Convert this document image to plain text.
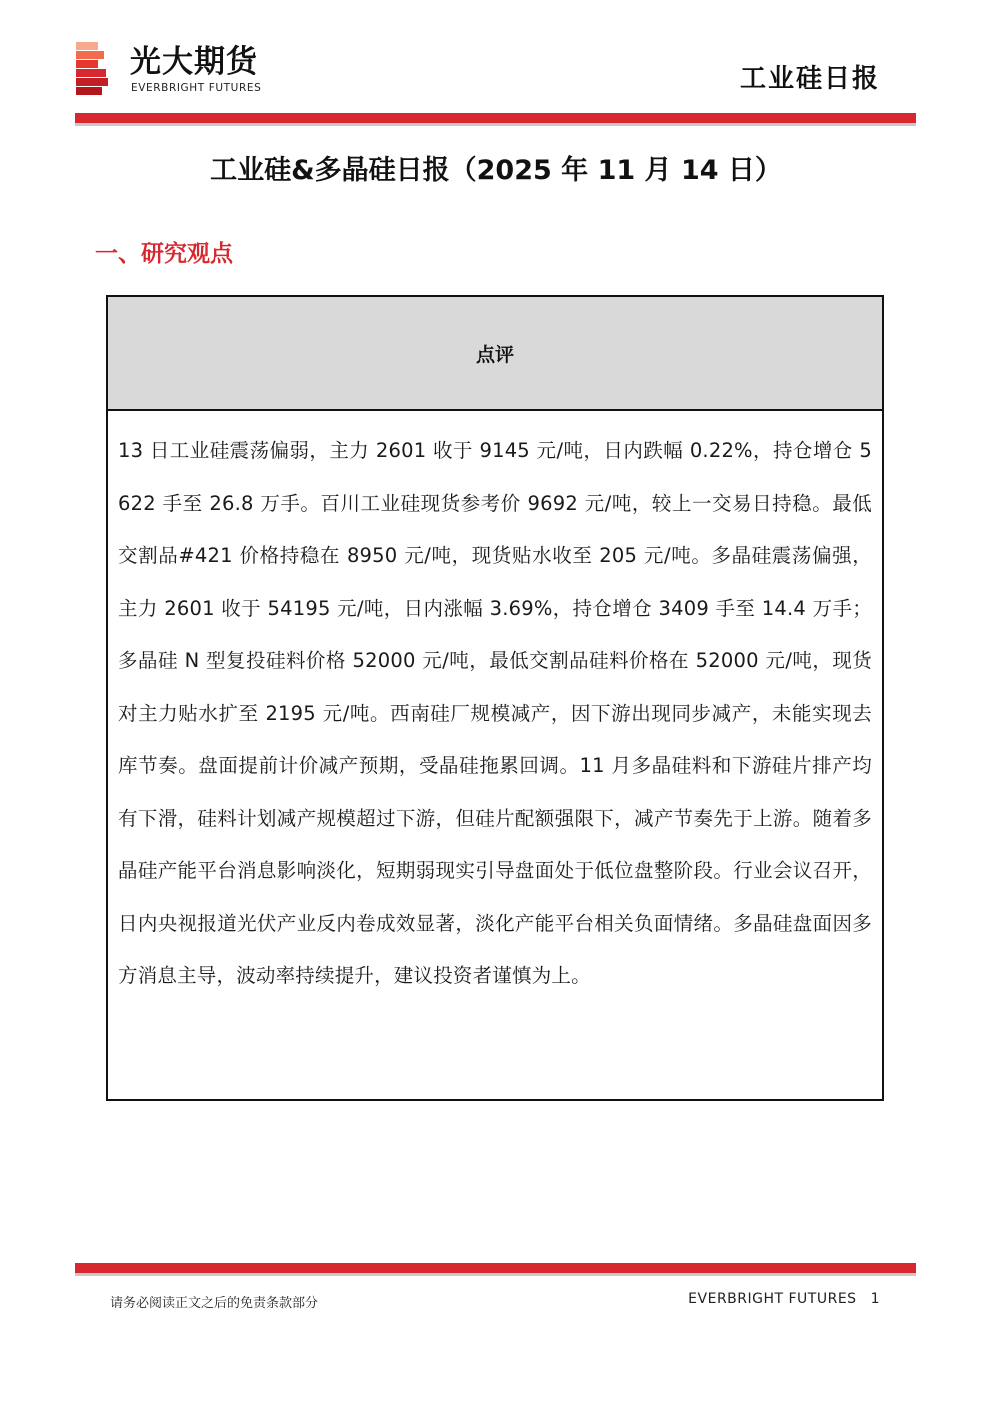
光大期货
EVERBRIGHT FUTURES	工业硅日报
工业硅&多晶硅日报（2025 年 11 月 14 日）
一、研究观点
点评
13 日工业硅震荡偏弱，主力 2601 收于 9145 元/吨，日内跌幅 0.22%，持仓增仓 5622 手至 26.8 万手。百川工业硅现货参考价 9692 元/吨，较上一交易日持稳。最低交割品#421 价格持稳在 8950 元/吨，现货贴水收至 205 元/吨。多晶硅震荡偏强，主力 2601 收于 54195 元/吨，日内涨幅 3.69%，持仓增仓 3409 手至 14.4 万手；多晶硅 N 型复投硅料价格 52000 元/吨，最低交割品硅料价格在 52000 元/吨，现货对主力贴水扩至 2195 元/吨。西南硅厂规模减产，因下游出现同步减产，未能实现去库节奏。盘面提前计价减产预期，受晶硅拖累回调。11 月多晶硅料和下游硅片排产均有下滑，硅料计划减产规模超过下游，但硅片配额强限下，减产节奏先于上游。随着多晶硅产能平台消息影响淡化，短期弱现实引导盘面处于低位盘整阶段。行业会议召开，日内央视报道光伏产业反内卷成效显著，淡化产能平台相关负面情绪。多晶硅盘面因多方消息主导，波动率持续提升，建议投资者谨慎为上。
请务必阅读正文之后的免责条款部分	EVERBRIGHT FUTURES 1
